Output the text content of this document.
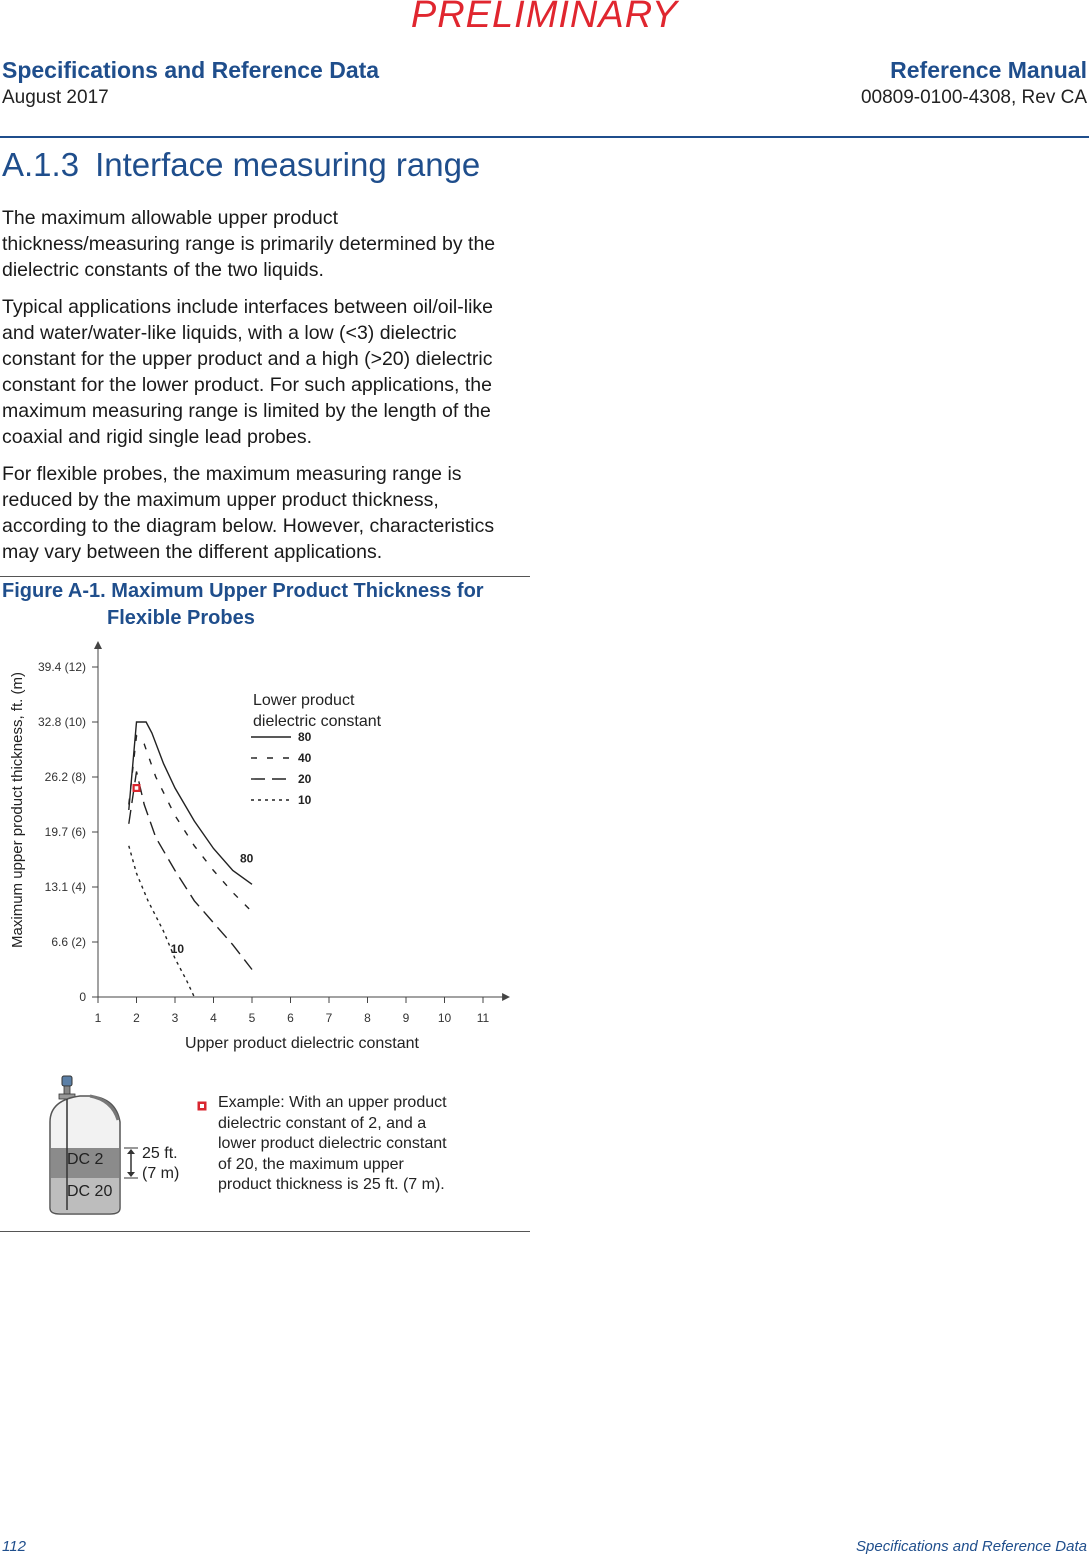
PRELIMINARY
Specifications and Reference Data
August 2017
Reference Manual
00809-0100-4308, Rev CA
A.1.3 Interface measuring range

The maximum allowable upper product thickness/measuring range is primarily determined by the dielectric constants of the two liquids.

Typical applications include interfaces between oil/oil-like and water/water-like liquids, with a low (<3) dielectric constant for the upper product and a high (>20) dielectric constant for the lower product. For such applications, the maximum measuring range is limited by the length of the coaxial and rigid single lead probes.

For flexible probes, the maximum measuring range is reduced by the maximum upper product thickness, according to the diagram below. However, characteristics may vary between the different applications.

Figure A-1. Maximum Upper Product Thickness for
Flexible Probes
0
6.6 (2)
13.1 (4)
19.7 (6)
26.2 (8)
32.8 (10)
39.4 (12)
1	2	3	4	5	6	7	8	9 10 11
80
10
80
40
20
10
Maximum upper product thickness, ft. (m)
Upper product dielectric constant
Lower product
dielectric constant
DC 2
DC 20
25 ft.
(7 m)
Example: With an upper product
dielectric constant of 2, and a
lower product dielectric constant
of 20, the maximum upper
product thickness is 25 ft. (7 m).
112	Specifications and Reference Data
